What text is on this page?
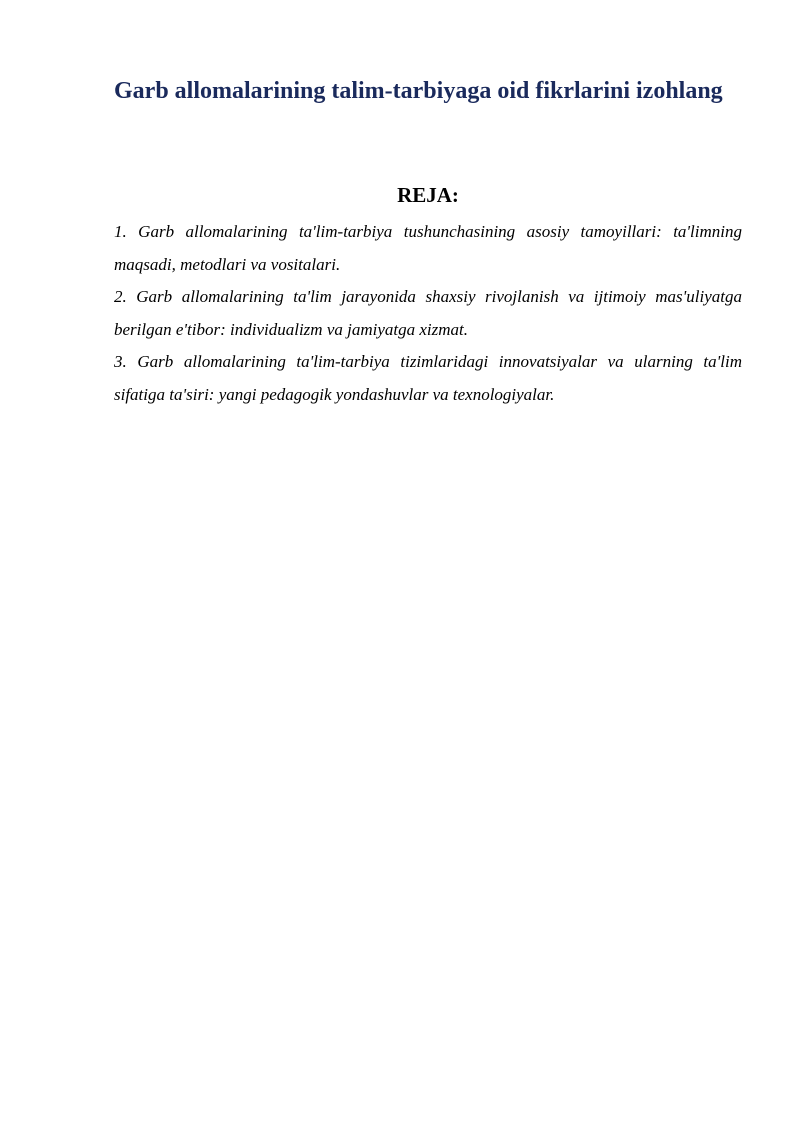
Garb allomalarining talim-tarbiyaga oid fikrlarini izohlang
REJA:
1. Garb allomalarining ta'lim-tarbiya tushunchasining asosiy tamoyillari: ta'limning maqsadi, metodlari va vositalari.
2. Garb allomalarining ta'lim jarayonida shaxsiy rivojlanish va ijtimoiy mas'uliyatga berilgan e'tibor: individualizm va jamiyatga xizmat.
3. Garb allomalarining ta'lim-tarbiya tizimlaridagi innovatsiyalar va ularning ta'lim sifatiga ta'siri: yangi pedagogik yondashuvlar va texnologiyalar.
